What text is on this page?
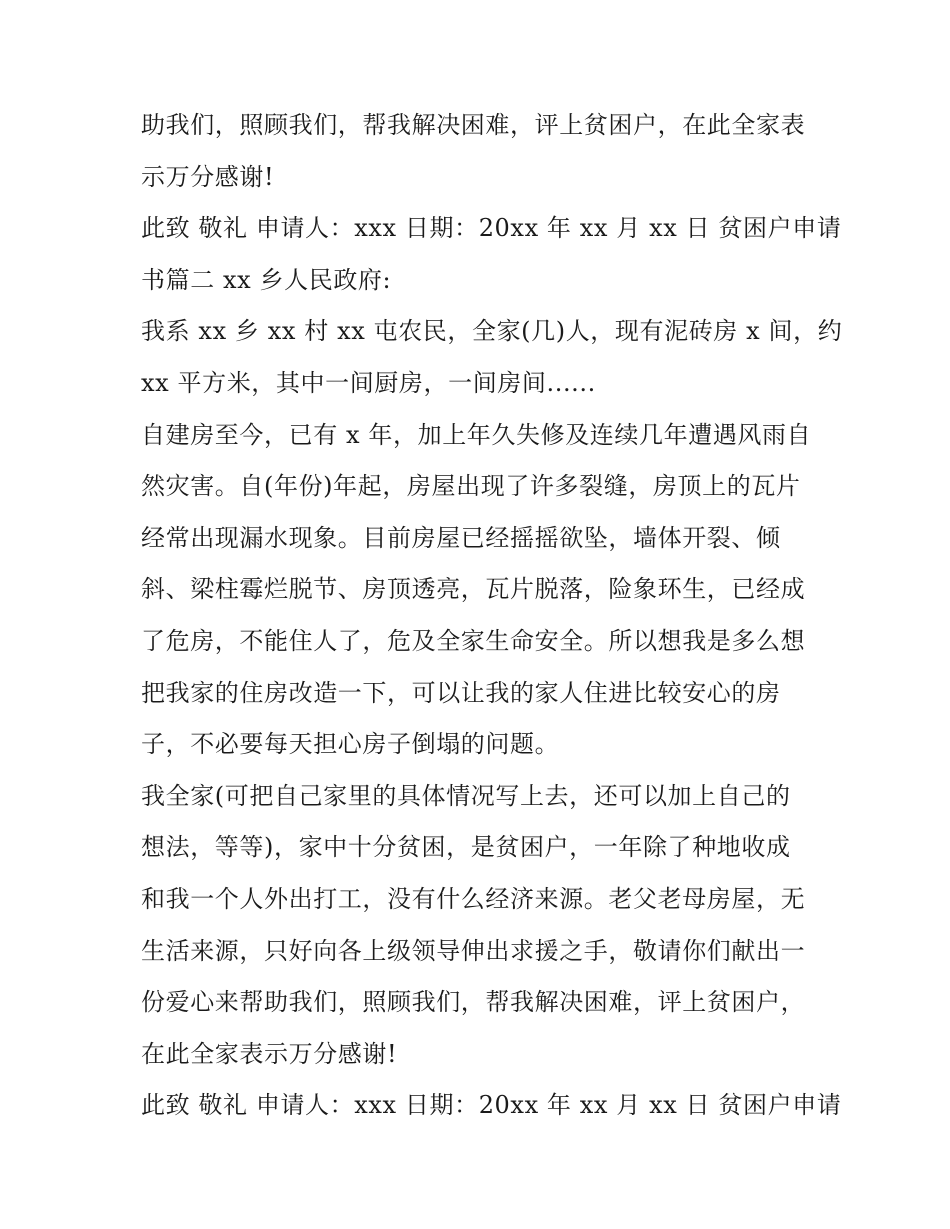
助我们，照顾我们，帮我解决困难，评上贫困户，在此全家表
示万分感谢!
此致 敬礼 申请人：xxx 日期：20xx 年 xx 月 xx 日 贫困户申请
书篇二 xx 乡人民政府:
我系 xx 乡 xx 村 xx 屯农民，全家(几)人，现有泥砖房 x 间，约
xx 平方米，其中一间厨房，一间房间......
自建房至今，已有 x 年，加上年久失修及连续几年遭遇风雨自
然灾害。自(年份)年起，房屋出现了许多裂缝，房顶上的瓦片
经常出现漏水现象。目前房屋已经摇摇欲坠，墙体开裂、倾
斜、梁柱霉烂脱节、房顶透亮，瓦片脱落，险象环生，已经成
了危房，不能住人了，危及全家生命安全。所以想我是多么想
把我家的住房改造一下，可以让我的家人住进比较安心的房
子，不必要每天担心房子倒塌的问题。
我全家(可把自己家里的具体情况写上去，还可以加上自己的
想法，等等)，家中十分贫困，是贫困户，一年除了种地收成
和我一个人外出打工，没有什么经济来源。老父老母房屋，无
生活来源，只好向各上级领导伸出求援之手，敬请你们献出一
份爱心来帮助我们，照顾我们，帮我解决困难，评上贫困户，
在此全家表示万分感谢!
此致 敬礼 申请人：xxx 日期：20xx 年 xx 月 xx 日 贫困户申请
